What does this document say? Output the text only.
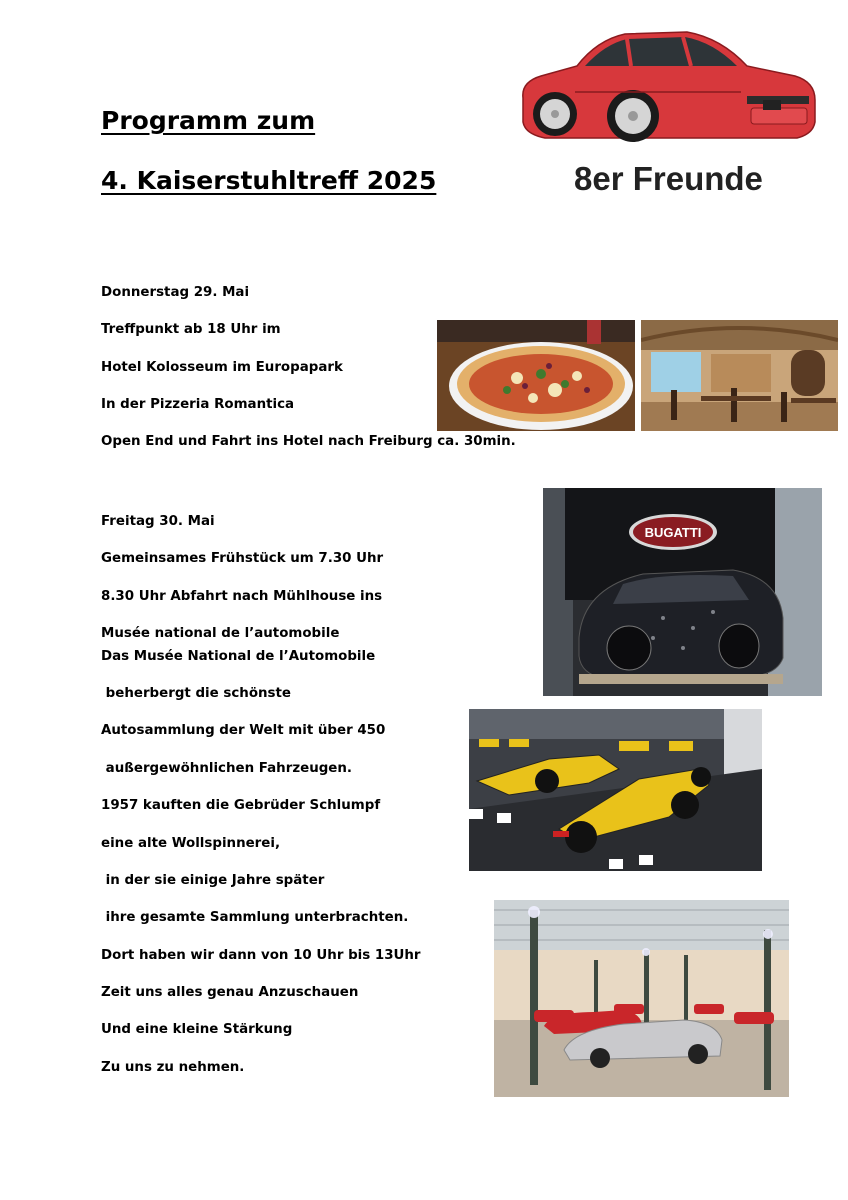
Programm zum
4. Kaiserstuhltreff 2025	8er Freunde
Donnerstag 29. Mai
Treffpunkt ab 18 Uhr im
Hotel Kolosseum im Europapark
In der Pizzeria Romantica
Open End und Fahrt ins Hotel nach Freiburg ca. 30min.
Freitag 30. Mai
Gemeinsames Frühstück um 7.30 Uhr
8.30 Uhr Abfahrt nach Mühlhouse ins
Musée national de l’automobile
Das Musée National de l’Automobile
beherbergt die schönste
Autosammlung der Welt mit über 450
außergewöhnlichen Fahrzeugen.
1957 kauften die Gebrüder Schlumpf
eine alte Wollspinnerei,
in der sie einige Jahre später
ihre gesamte Sammlung unterbrachten.
Dort haben wir dann von 10 Uhr bis 13Uhr
Zeit uns alles genau Anzuschauen
Und eine kleine Stärkung
Zu uns zu nehmen.
BUGATTI
